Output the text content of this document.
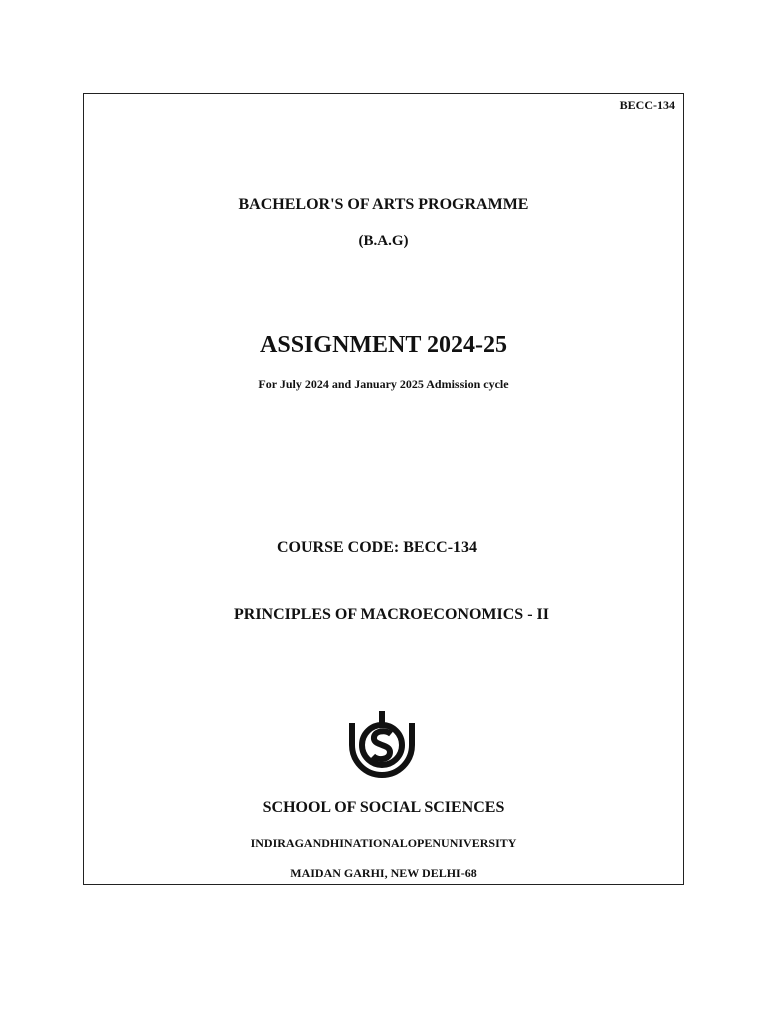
BECC-134
BACHELOR'S OF ARTS PROGRAMME
(B.A.G)
ASSIGNMENT 2024-25
For July 2024 and January 2025 Admission cycle
COURSE CODE: BECC-134
PRINCIPLES OF MACROECONOMICS - II
SCHOOL OF SOCIAL SCIENCES
INDIRAGANDHINATIONALOPENUNIVERSITY
MAIDAN GARHI, NEW DELHI-68
